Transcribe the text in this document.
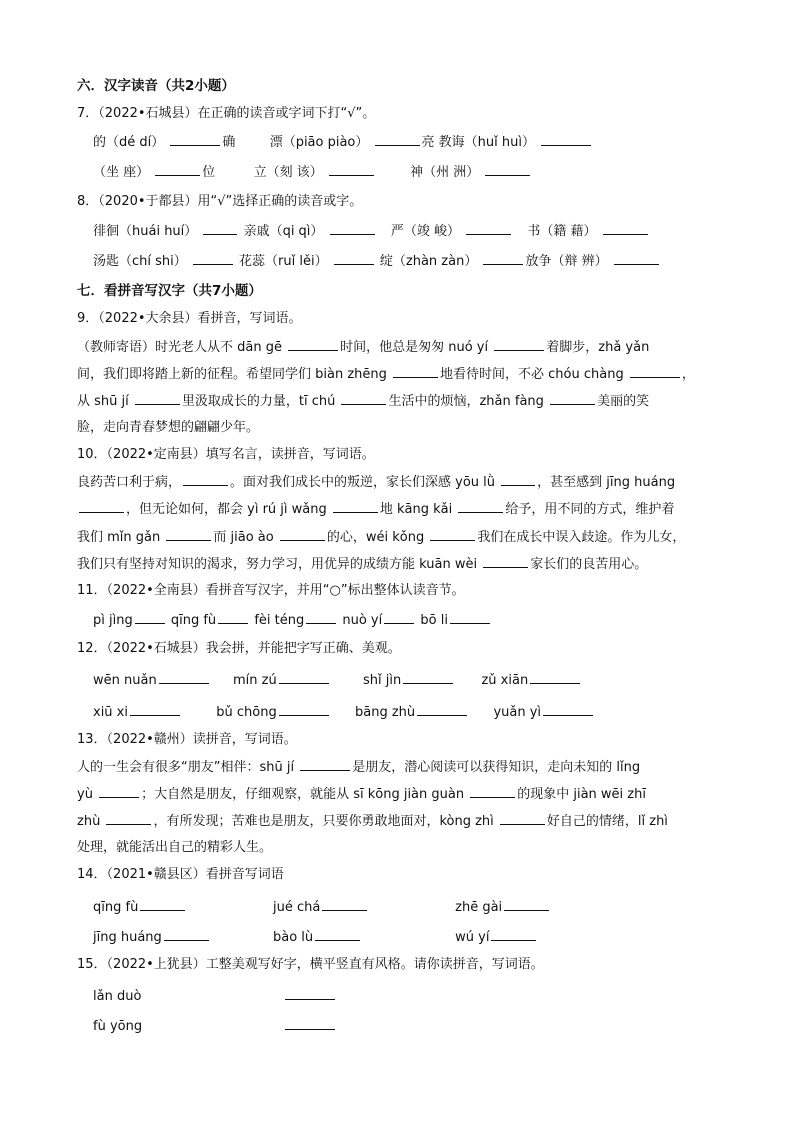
六．汉字读音（共2小题）
7．（2022•石城县）在正确的读音或字词下打“√”。
的（dé dí）	确	漂（piāo piào）	亮 教诲（huǐ huì）
（坐 座）	位	立（刻 该）	神（州 洲）
8．（2020•于都县）用“√”选择正确的读音或字。
徘徊（huái huí）	亲戚（qi qì）	严（竣 峻）	书（籍 藉）
汤匙（chí shi）	花蕊（ruǐ lěi）	绽（zhàn zàn）	放争（辩 辨）
七．看拼音写汉字（共7小题）
9．（2022•大余县）看拼音，写词语。
（教师寄语）时光老人从不 dān gē	时间，他总是匆匆 nuó yí	着脚步，zhǎ yǎn
间，我们即将踏上新的征程。希望同学们 biàn zhēng	地看待时间，不必 chóu chàng	，
从 shū jí	里汲取成长的力量，tī chú	生活中的烦恼，zhǎn fàng	美丽的笑
脸，走向青春梦想的翩翩少年。
10．（2022•定南县）填写名言，读拼音，写词语。
良药苦口利于病，	。面对我们成长中的叛逆，家长们深感 yōu lǜ	，甚至感到 jīng huáng
，但无论如何，都会 yì rú jì wǎng	地 kāng kǎi	给予，用不同的方式，维护着
我们 mǐn gǎn	而 jiāo ào	的心，wéi kǒng	我们在成长中误入歧途。作为儿女，
我们只有坚持对知识的渴求，努力学习，用优异的成绩方能 kuān wèi	家长们的良苦用心。
11．（2022•全南县）看拼音写汉字，并用“○”标出整体认读音节。
pì jìng	qīng fù	fèi téng	nuò yí	bō li
12．（2022•石城县）我会拼，并能把字写正确、美观。
wēn nuǎn	mín zú	shǐ jìn	zǔ xiān
xiū xi	bǔ chōng	bāng zhù	yuǎn yì
13．（2022•赣州）读拼音，写词语。
人的一生会有很多“朋友”相伴：shū jí	是朋友，潜心阅读可以获得知识，走向未知的 lǐng
yù	；大自然是朋友，仔细观察，就能从 sī kōng jiàn guàn	的现象中 jiàn wēi zhī
zhù	，有所发现；苦难也是朋友，只要你勇敢地面对，kòng zhì	好自己的情绪，lǐ zhì
处理，就能活出自己的精彩人生。
14．（2021•赣县区）看拼音写词语
qīng fù	jué chá	zhē gài
jīng huáng	bào lù	wú yí
15．（2022•上犹县）工整美观写好字，横平竖直有风格。请你读拼音，写词语。
lǎn duò
fù yōng
